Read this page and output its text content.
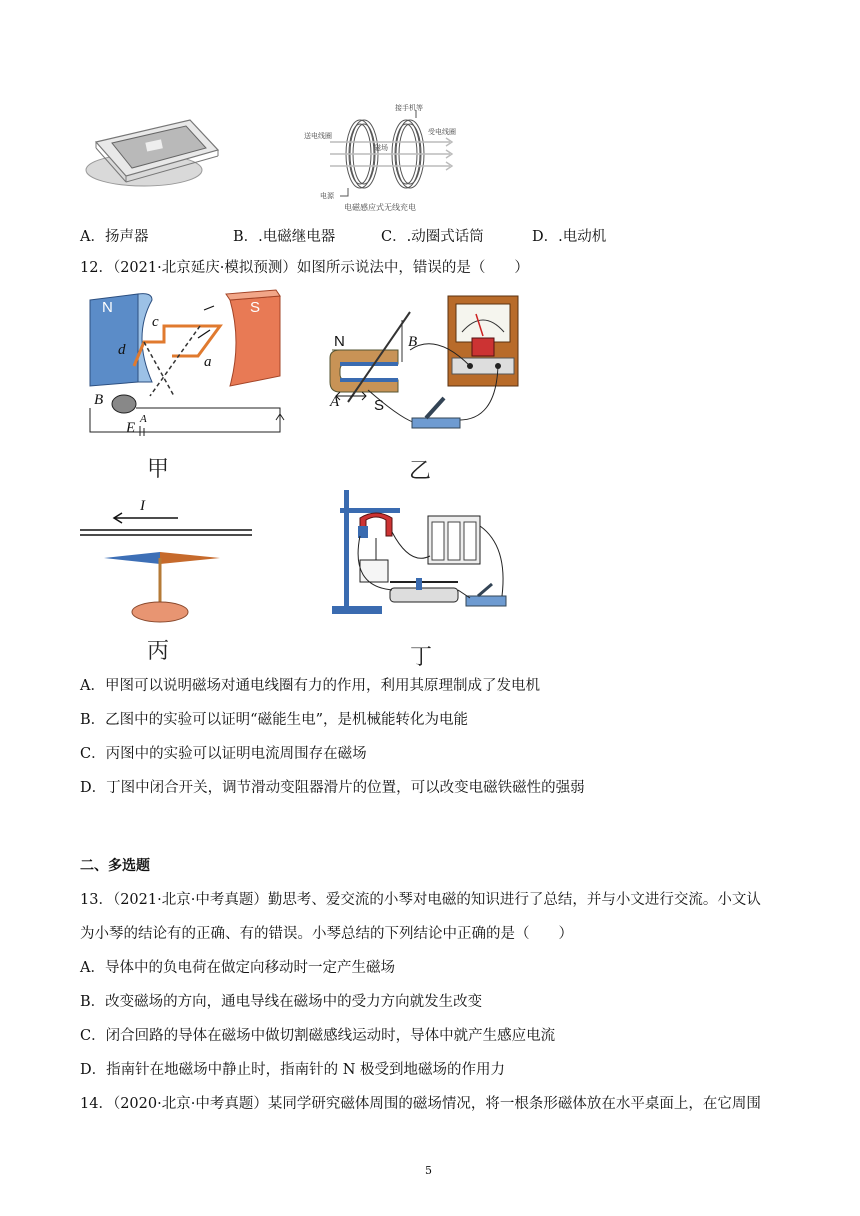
接手机等
送电线圈	受电线圈
磁场
电源
电磁感应式无线充电
A．扬声器	B．.电磁继电器	C．.动圈式话筒	D．.电动机
12．（2021·北京延庆·模拟预测）如图所示说法中，错误的是（　　）
N	S
c
d
a
B
E
A
甲
N	B
A S
乙
I
丙	丁
A．甲图可以说明磁场对通电线圈有力的作用，利用其原理制成了发电机
B．乙图中的实验可以证明“磁能生电”，是机械能转化为电能
C．丙图中的实验可以证明电流周围存在磁场
D．丁图中闭合开关，调节滑动变阻器滑片的位置，可以改变电磁铁磁性的强弱
二、多选题
13．（2021·北京·中考真题）勤思考、爱交流的小琴对电磁的知识进行了总结，并与小文进行交流。小文认
为小琴的结论有的正确、有的错误。小琴总结的下列结论中正确的是（　　）
A．导体中的负电荷在做定向移动时一定产生磁场
B．改变磁场的方向，通电导线在磁场中的受力方向就发生改变
C．闭合回路的导体在磁场中做切割磁感线运动时，导体中就产生感应电流
D．指南针在地磁场中静止时，指南针的 N 极受到地磁场的作用力
14．（2020·北京·中考真题）某同学研究磁体周围的磁场情况，将一根条形磁体放在水平桌面上，在它周围
5
